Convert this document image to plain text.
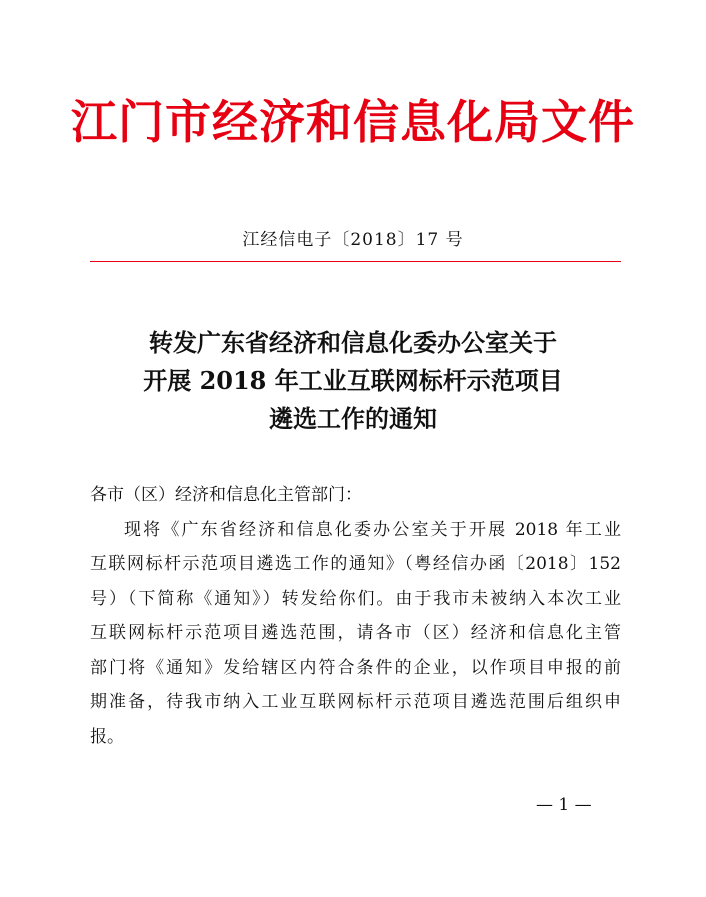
江门市经济和信息化局文件
江经信电子〔2018〕17 号
转发广东省经济和信息化委办公室关于
开展 2018 年工业互联网标杆示范项目
遴选工作的通知
各市（区）经济和信息化主管部门：
现将《广东省经济和信息化委办公室关于开展 2018 年工业
互联网标杆示范项目遴选工作的通知》（粤经信办函〔2018〕152
号）（下简称《通知》）转发给你们。由于我市未被纳入本次工业
互联网标杆示范项目遴选范围，请各市（区）经济和信息化主管
部门将《通知》发给辖区内符合条件的企业，以作项目申报的前
期准备，待我市纳入工业互联网标杆示范项目遴选范围后组织申
报。
— 1 —
